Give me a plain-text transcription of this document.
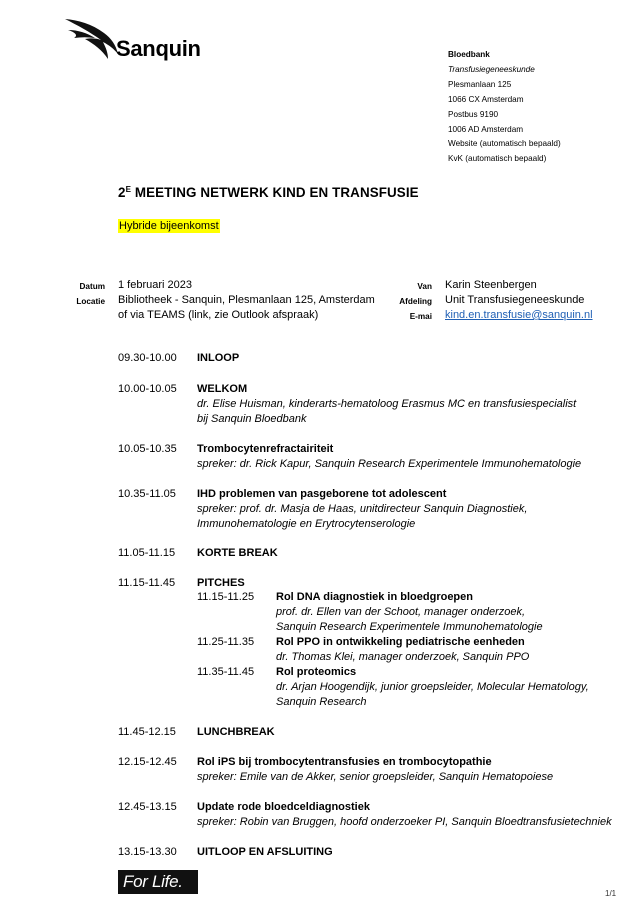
Sanquin	Bloedbank
Transfusiegeneeskunde
Plesmanlaan 125
1066 CX Amsterdam
Postbus 9190
1006 AD Amsterdam
Website (automatisch bepaald)
KvK (automatisch bepaald)
$2^E$ MEETING NETWERK KIND EN TRANSFUSIE
Hybride bijeenkomst
Datum 1 februari 2023
Locatie Bibliotheek - Sanquin, Plesmanlaan 125, Amsterdam
of via TEAMS (link, zie Outlook afspraak)
Van Karin Steenbergen
Afdeling Unit Transfusiegeneeskunde
E-mai kind.en.transfusie@sanquin.nl
09.30-10.00 INLOOP
10.00-10.05 WELKOM
dr. Elise Huisman, kinderarts-hematoloog Erasmus MC en transfusiespecialist
bij Sanquin Bloedbank
10.05-10.35 Trombocytenrefractairiteit
spreker: dr. Rick Kapur, Sanquin Research Experimentele Immunohematologie
10.35-11.05 IHD problemen van pasgeborene tot adolescent
spreker: prof. dr. Masja de Haas, unitdirecteur Sanquin Diagnostiek,
Immunohematologie en Erytrocytenserologie
11.05-11.15 KORTE BREAK
11.15-11.45 PITCHES
11.15-11.25 Rol DNA diagnostiek in bloedgroepen
prof. dr. Ellen van der Schoot, manager onderzoek,
Sanquin Research Experimentele Immunohematologie
11.25-11.35 Rol PPO in ontwikkeling pediatrische eenheden
dr. Thomas Klei, manager onderzoek, Sanquin PPO
11.35-11.45 Rol proteomics
dr. Arjan Hoogendijk, junior groepsleider, Molecular Hematology,
Sanquin Research
11.45-12.15 LUNCHBREAK
12.15-12.45 Rol iPS bij trombocytentransfusies en trombocytopathie
spreker: Emile van de Akker, senior groepsleider, Sanquin Hematopoiese
12.45-13.15 Update rode bloedceldiagnostiek
spreker: Robin van Bruggen, hoofd onderzoeker PI, Sanquin Bloedtransfusietechniek
13.15-13.30 UITLOOP EN AFSLUITING
For Life.
1/1
